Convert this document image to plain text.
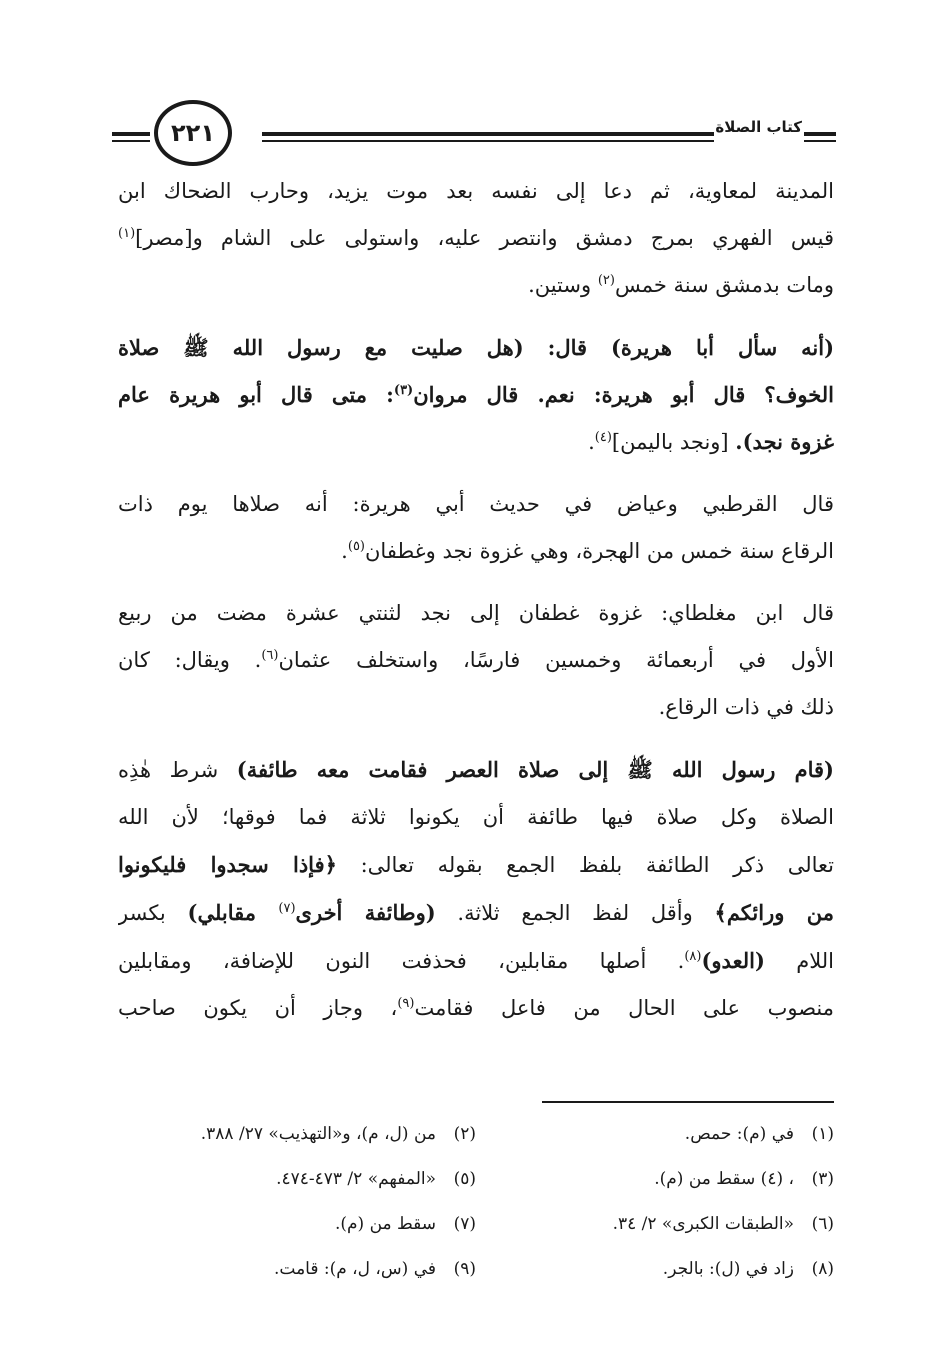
٢٢١	كتاب الصلاة

المدينة لمعاوية، ثم دعا إلى نفسه بعد موت يزيد، وحارب الضحاك ابن
قيس الفهري بمرج دمشق وانتصر عليه، واستولى على الشام و[مصر]$^{(١)}$
ومات بدمشق سنة خمس$^{(٢)}$ وستين.

(أنه سأل أبا هريرة) قال: (هل صليت مع رسول الله ﷺ صلاة
الخوف؟ قال أبو هريرة: نعم. قال مروان$^{(٣)}$: متى قال أبو هريرة عام
غزوة نجد). [ونجد باليمن]$^{(٤)}$.

قال القرطبي وعياض في حديث أبي هريرة: أنه صلاها يوم ذات
الرقاع سنة خمس من الهجرة، وهي غزوة نجد وغطفان$^{(٥)}$.

قال ابن مغلطاي: غزوة غطفان إلى نجد لثنتي عشرة مضت من ربيع
الأول في أربعمائة وخمسين فارسًا، واستخلف عثمان$^{(٦)}$. ويقال: كان
ذلك في ذات الرقاع.

(قام رسول الله ﷺ إلى صلاة العصر فقامت معه طائفة) شرط هٰذِه
الصلاة وكل صلاة فيها طائفة أن يكونوا ثلاثة فما فوقها؛ لأن الله
تعالى ذكر الطائفة بلفظ الجمع بقوله تعالى: ﴿فإذا سجدوا فليكونوا
من ورائكم﴾ وأقل لفظ الجمع ثلاثة. (وطائفة أخرى$^{(٧)}$ مقابلي) بكسر
اللام (العدو)$^{(٨)}$. أصلها مقابلين، فحذفت النون للإضافة، ومقابلين
منصوب على الحال من فاعل فقامت$^{(٩)}$، وجاز أن يكون صاحب

(١)في (م): حمص.
(٢)من (ل، م)، و«التهذيب» ٢٧/ ٣٨٨.
(٣)، (٤) سقط من (م).
(٥)«المفهم» ٢/ ٤٧٣-٤٧٤.
(٦)«الطبقات الكبرى» ٢/ ٣٤.
(٧)سقط من (م).
(٨)زاد في (ل): بالجر.
(٩)في (س، ل، م): قامت.
